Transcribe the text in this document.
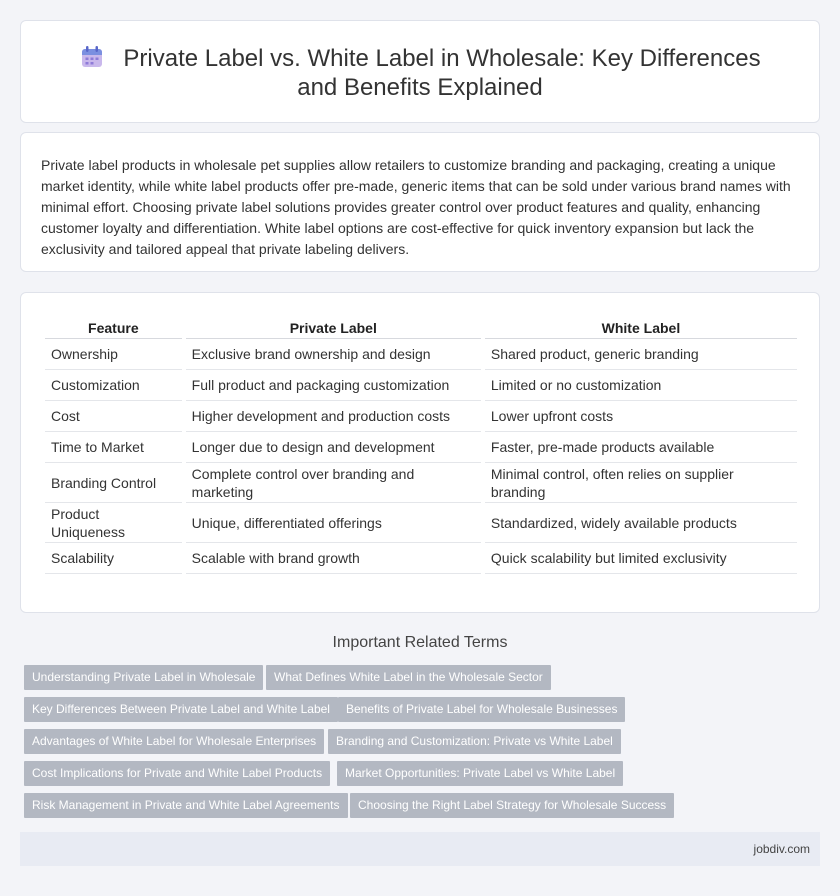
Private Label vs. White Label in Wholesale: Key Differences and Benefits Explained

Private label products in wholesale pet supplies allow retailers to customize branding and packaging, creating a unique market identity, while white label products offer pre-made, generic items that can be sold under various brand names with minimal effort. Choosing private label solutions provides greater control over product features and quality, enhancing customer loyalty and differentiation. White label options are cost-effective for quick inventory expansion but lack the exclusivity and tailored appeal that private labeling delivers.

Feature	Private Label	White Label
Ownership	Exclusive brand ownership and design	Shared product, generic branding
Customization	Full product and packaging customization	Limited or no customization
Cost	Higher development and production costs	Lower upfront costs
Time to Market	Longer due to design and development	Faster, pre-made products available
Branding Control	Complete control over branding and marketing	Minimal control, often relies on supplier branding
Product Uniqueness	Unique, differentiated offerings	Standardized, widely available products
Scalability	Scalable with brand growth	Quick scalability but limited exclusivity
Important Related Terms
Understanding Private Label in Wholesale	What Defines White Label in the Wholesale Sector
Key Differences Between Private Label and White Label	Benefits of Private Label for Wholesale Businesses
Advantages of White Label for Wholesale Enterprises	Branding and Customization: Private vs White Label
Cost Implications for Private and White Label Products	Market Opportunities: Private Label vs White Label
Risk Management in Private and White Label Agreements	Choosing the Right Label Strategy for Wholesale Success
jobdiv.com
